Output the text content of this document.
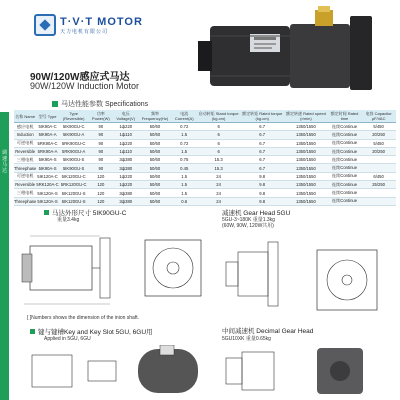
调速马达
T·V·T MOTOR
天力电机有限公司
90W/120W感应式马达
90W/120W Induction Motor
马达性能参数 Specifications
名称 Name	型号 Type	Type (Reversible)	功率 Power(W)	电压 Voltage(V)	频率 Frequency(Hz)	电流 Current(A)	启动转矩 Stand torque (kg.cm)	额定转矩 Rated torque (kg.cm)	额定转速 Rated speed (r/min)	额定时间 Rated time	电容 Capacitor μF/VAC
感应电机	5IK90A-C	5IK90GU-C	90	1ф220	50/60	0.72	6	6.7	1350/1550	连续Continue	5/450
Induction	5IK90A-A	5IK90GU-A	90	1ф110	50/60	1.5	6	6.7	1350/1550	连续Continue	20/250
可逆电机	5RK90A-C	5RK90GU-C	90	1ф220	50/60	0.72	6	6.7	1350/1550	连续Continue	5/450
Reversible	5RK90A-A	5RK90GU-A	90	1ф110	50/60	1.5	6	6.7	1350/1550	连续Continue	20/250
三相电机	5IK90A-S	5IK90GU-S	90	3ф380	50/60	0.75	15.3	6.7	1350/1550	连续Continue	
Threephase	5IK90A-S	5IK90GU-S	90	3ф380	50/60	0.45	15.3	6.7	1350/1550	连续Continue	
可逆电机	5IK120A-C	5IK120GU-C	120	1ф220	50/60	1.5	24	9.8	1350/1550	连续Continue	6/450
Reversible	5RK120A-C	5RK120GU-C	120	1ф220	50/60	1.5	24	9.8	1350/1550	连续Continue	25/250
三相电机	5IK120A-S	5IK120GU-S	120	3ф380	50/60	1.5	24	9.8	1350/1550	连续Continue	
Threephase	5IK120A-S	5IK120GU-S	120	3ф380	50/60	0.6	24	9.8	1350/1550	连续Continue	
马达外形尺寸 5IK90GU-C
重量3.4kg
减速机 Gear Head 5GU
5GU-3~180K 重量1.3kg
(60W, 90W, 120W共用)
[ ]Numbers shows the dimension of the inion shaft.
键与键槽Key and Key Slot 5GU, 6GU用
Applied in 5GU, 6GU
中间减速机 Decimal Gear Head
5GU10XK 重量0.65kg
